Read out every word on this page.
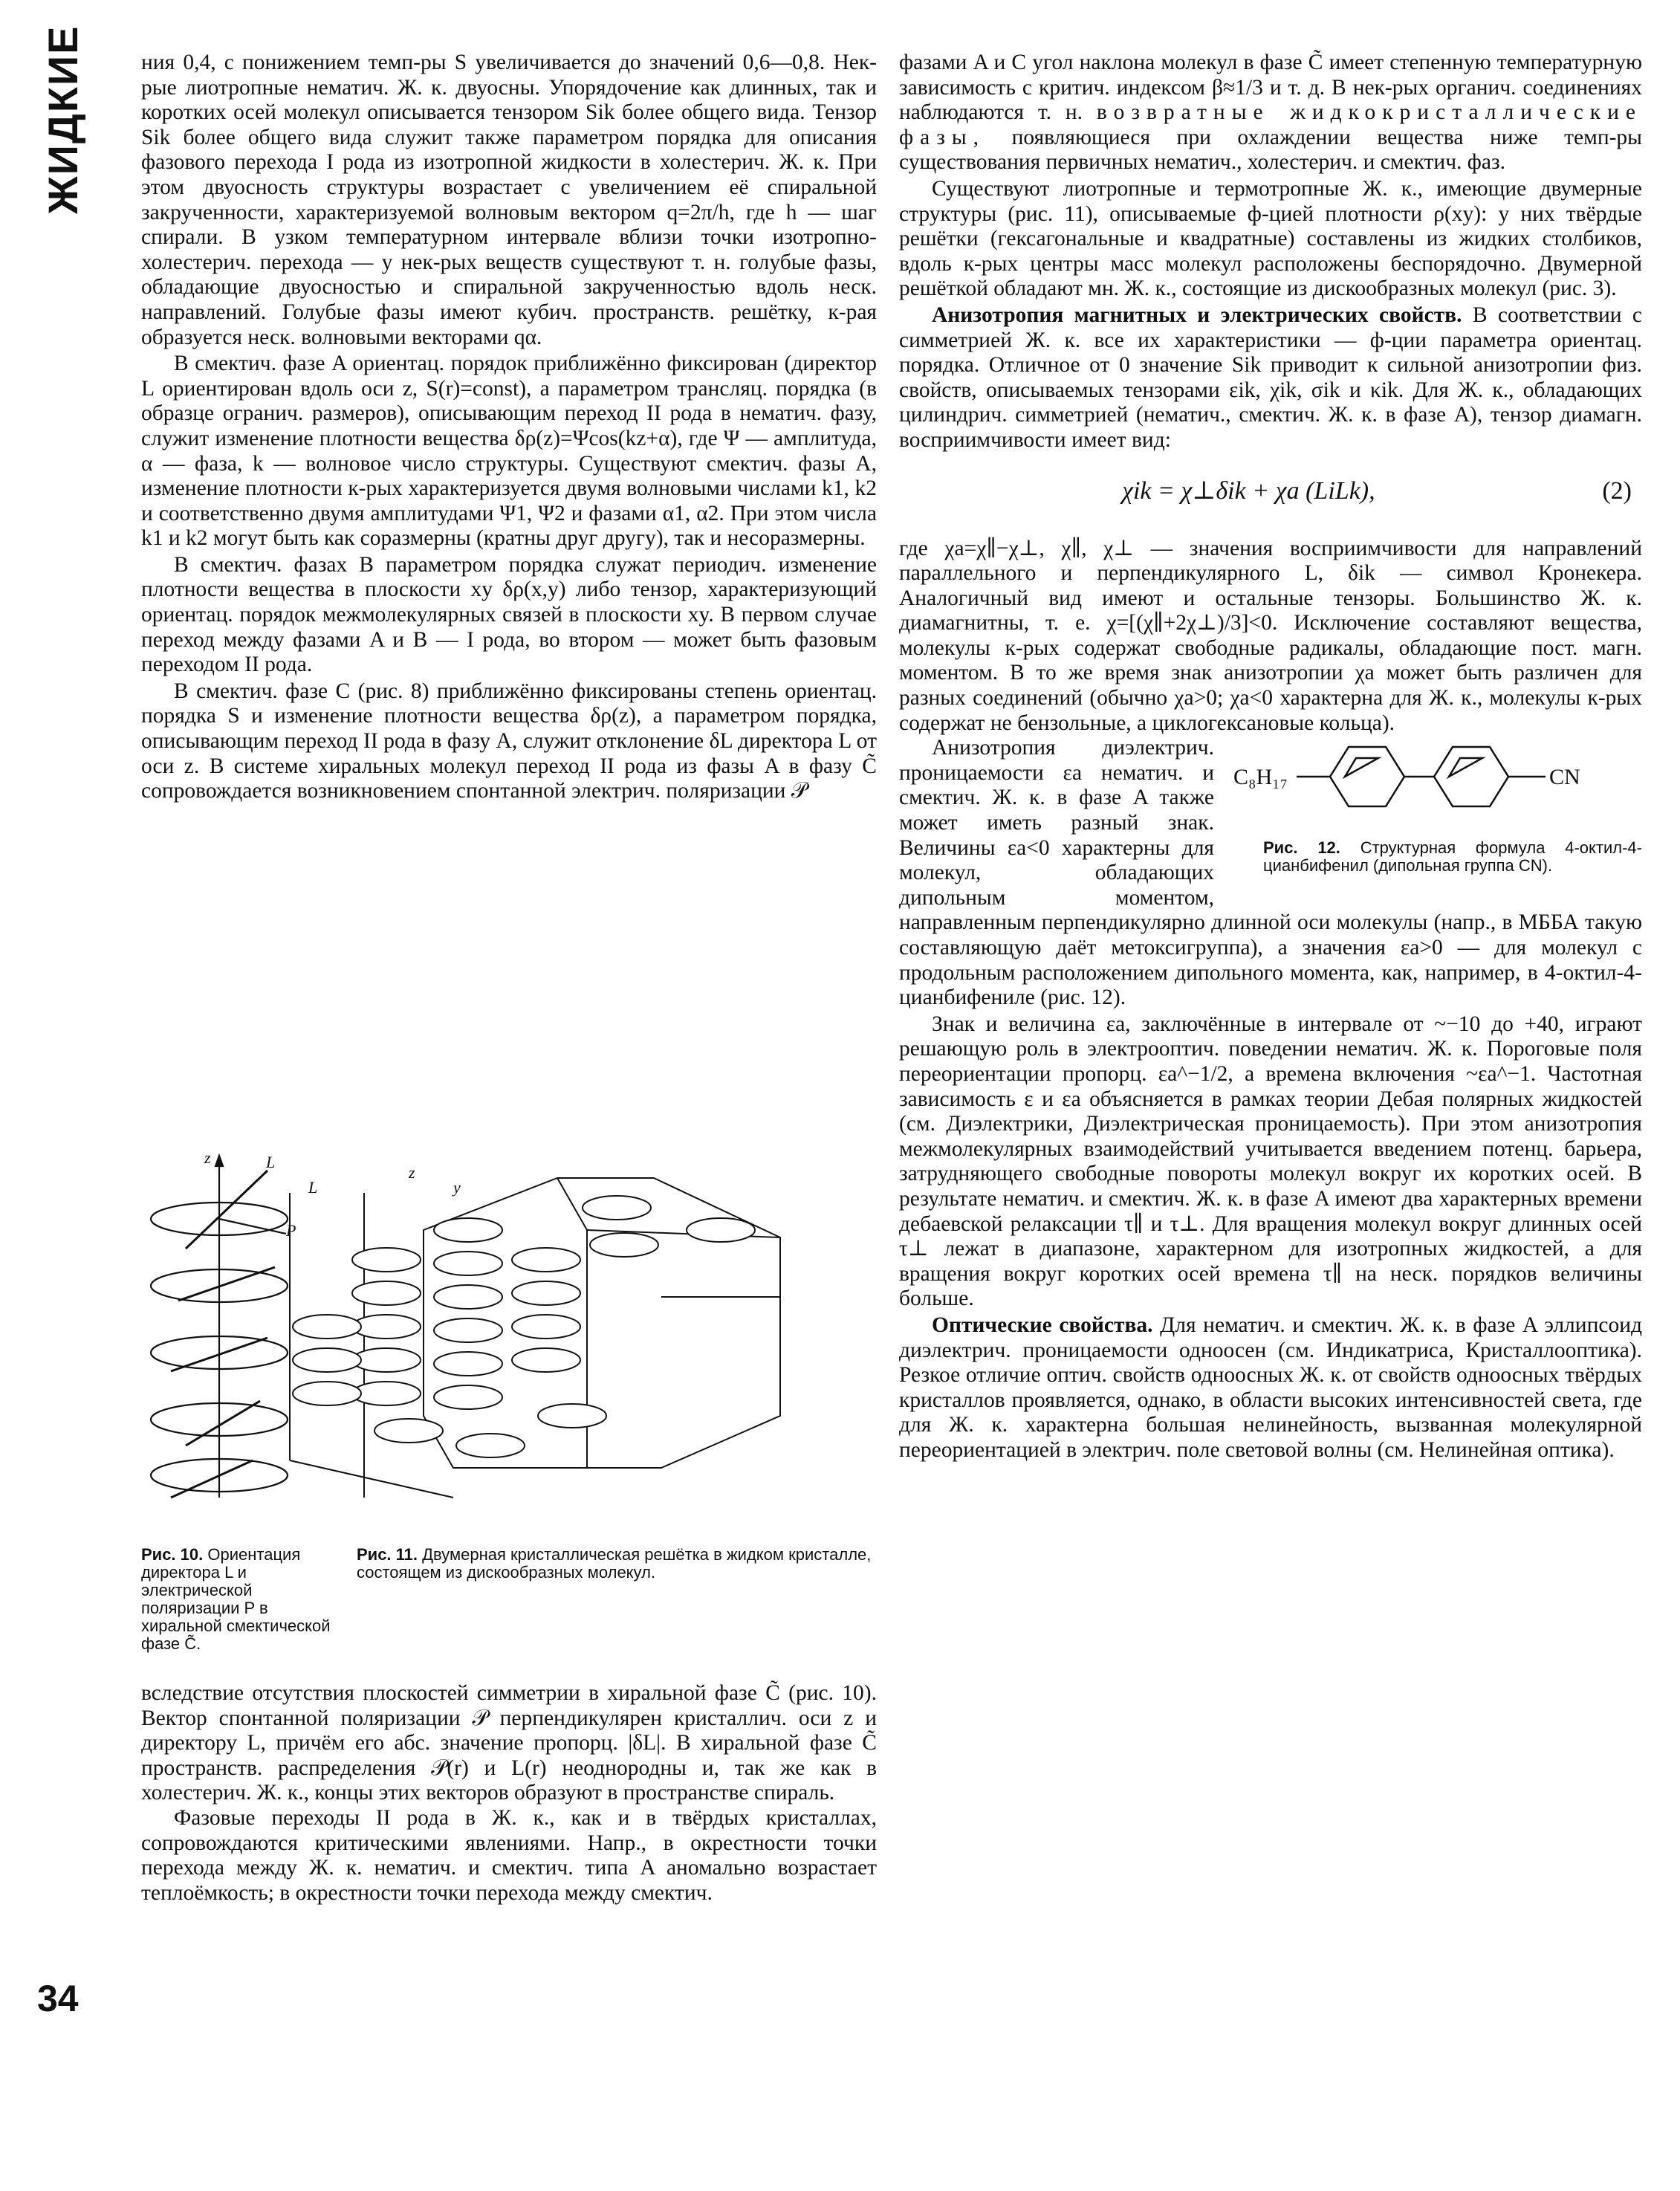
ЖИДКИЕ
34

ния 0,4, с понижением темп-ры S увеличивается до значений 0,6—0,8. Нек-рые лиотропные нематич. Ж. к. двуосны. Упорядочение как длинных, так и коротких осей молекул описывается тензором Sik более общего вида. Тензор Sik более общего вида служит также параметром порядка для описания фазового перехода I рода из изотропной жидкости в холестерич. Ж. к. При этом двуосность структуры возрастает с увеличением её спиральной закрученности, характеризуемой волновым вектором q=2π/h, где h — шаг спирали. В узком температурном интервале вблизи точки изотропно-холестерич. перехода — у нек-рых веществ существуют т. н. голубые фазы, обладающие двуосностью и спиральной закрученностью вдоль неск. направлений. Голубые фазы имеют кубич. пространств. решётку, к-рая образуется неск. волновыми векторами qα.

В смектич. фазе A ориентац. порядок приближённо фиксирован (директор L ориентирован вдоль оси z, S(r)=const), а параметром трансляц. порядка (в образце огранич. размеров), описывающим переход II рода в нематич. фазу, служит изменение плотности вещества δρ(z)=Ψcos(kz+α), где Ψ — амплитуда, α — фаза, k — волновое число структуры. Существуют смектич. фазы A, изменение плотности к-рых характеризуется двумя волновыми числами k1, k2 и соответственно двумя амплитудами Ψ1, Ψ2 и фазами α1, α2. При этом числа k1 и k2 могут быть как соразмерны (кратны друг другу), так и несоразмерны.

В смектич. фазах B параметром порядка служат периодич. изменение плотности вещества в плоскости xy δρ(x,y) либо тензор, характеризующий ориентац. порядок межмолекулярных связей в плоскости xy. В первом случае переход между фазами A и B — I рода, во втором — может быть фазовым переходом II рода.

В смектич. фазе C (рис. 8) приближённо фиксированы степень ориентац. порядка S и изменение плотности вещества δρ(z), а параметром порядка, описывающим переход II рода в фазу A, служит отклонение δL директора L от оси z. В системе хиральных молекул переход II рода из фазы A в фазу C̃ сопровождается возникновением спонтанной электрич. поляризации 𝒫

z	L
P
L
z
y
Рис. 10. Ориентация директора L и электрической поляризации P в хиральной смектической фазе C̃.
Рис. 11. Двумерная кристаллическая решётка в жидком кристалле, состоящем из дискообразных молекул.

вследствие отсутствия плоскостей симметрии в хиральной фазе C̃ (рис. 10). Вектор спонтанной поляризации 𝒫 перпендикулярен кристаллич. оси z и директору L, причём его абс. значение пропорц. |δL|. В хиральной фазе C̃ пространств. распределения 𝒫(r) и L(r) неоднородны и, так же как в холестерич. Ж. к., концы этих векторов образуют в пространстве спираль.

Фазовые переходы II рода в Ж. к., как и в твёрдых кристаллах, сопровождаются критическими явлениями. Напр., в окрестности точки перехода между Ж. к. нематич. и смектич. типа A аномально возрастает теплоёмкость; в окрестности точки перехода между смектич.

фазами A и C угол наклона молекул в фазе C̃ имеет степенную температурную зависимость с критич. индексом β≈1/3 и т. д. В нек-рых органич. соединениях наблюдаются т. н. возвратные жидкокристаллические фазы, появляющиеся при охлаждении вещества ниже темп-ры существования первичных нематич., холестерич. и смектич. фаз.

Существуют лиотропные и термотропные Ж. к., имеющие двумерные структуры (рис. 11), описываемые ф-цией плотности ρ(xy): у них твёрдые решётки (гексагональные и квадратные) составлены из жидких столбиков, вдоль к-рых центры масс молекул расположены беспорядочно. Двумерной решёткой обладают мн. Ж. к., состоящие из дискообразных молекул (рис. 3).

Анизотропия магнитных и электрических свойств. В соответствии с симметрией Ж. к. все их характеристики — ф-ции параметра ориентац. порядка. Отличное от 0 значение Sik приводит к сильной анизотропии физ. свойств, описываемых тензорами εik, χik, σik и κik. Для Ж. к., обладающих цилиндрич. симметрией (нематич., смектич. Ж. к. в фазе A), тензор диамагн. восприимчивости имеет вид:

χik = χ⊥δik + χa (LiLk),	(2)

где χa=χ∥−χ⊥, χ∥, χ⊥ — значения восприимчивости для направлений параллельного и перпендикулярного L, δik — символ Кронекера. Аналогичный вид имеют и остальные тензоры. Большинство Ж. к. диамагнитны, т. е. χ=[(χ∥+2χ⊥)/3]<0. Исключение составляют вещества, молекулы к-рых содержат свободные радикалы, обладающие пост. магн. моментом. В то же время знак анизотропии χa может быть различен для разных соединений (обычно χa>0; χa<0 характерна для Ж. к., молекулы к-рых содержат не бензольные, а циклогексановые кольца).

C₈H₁₇	CN
Рис. 12. Структурная формула 4-октил-4-цианбифенил (дипольная группа CN).

Анизотропия диэлектрич. проницаемости εa нематич. и смектич. Ж. к. в фазе A также может иметь разный знак. Величины εa<0 характерны для молекул, обладающих дипольным моментом, направленным перпендикулярно длинной оси молекулы (напр., в МББА такую составляющую даёт метоксигруппа), а значения εa>0 — для молекул с продольным расположением дипольного момента, как, например, в 4-октил-4-цианбифениле (рис. 12).

Знак и величина εa, заключённые в интервале от ~−10 до +40, играют решающую роль в электрооптич. поведении нематич. Ж. к. Пороговые поля переориентации пропорц. εa^−1/2, а времена включения ~εa^−1. Частотная зависимость ε и εa объясняется в рамках теории Дебая полярных жидкостей (см. Диэлектрики, Диэлектрическая проницаемость). При этом анизотропия межмолекулярных взаимодействий учитывается введением потенц. барьера, затрудняющего свободные повороты молекул вокруг их коротких осей. В результате нематич. и смектич. Ж. к. в фазе A имеют два характерных времени дебаевской релаксации τ∥ и τ⊥. Для вращения молекул вокруг длинных осей τ⊥ лежат в диапазоне, характерном для изотропных жидкостей, а для вращения вокруг коротких осей времена τ∥ на неск. порядков величины больше.

Оптические свойства. Для нематич. и смектич. Ж. к. в фазе A эллипсоид диэлектрич. проницаемости одноосен (см. Индикатриса, Кристаллооптика). Резкое отличие оптич. свойств одноосных Ж. к. от свойств одноосных твёрдых кристаллов проявляется, однако, в области высоких интенсивностей света, где для Ж. к. характерна большая нелинейность, вызванная молекулярной переориентацией в электрич. поле световой волны (см. Нелинейная оптика).
